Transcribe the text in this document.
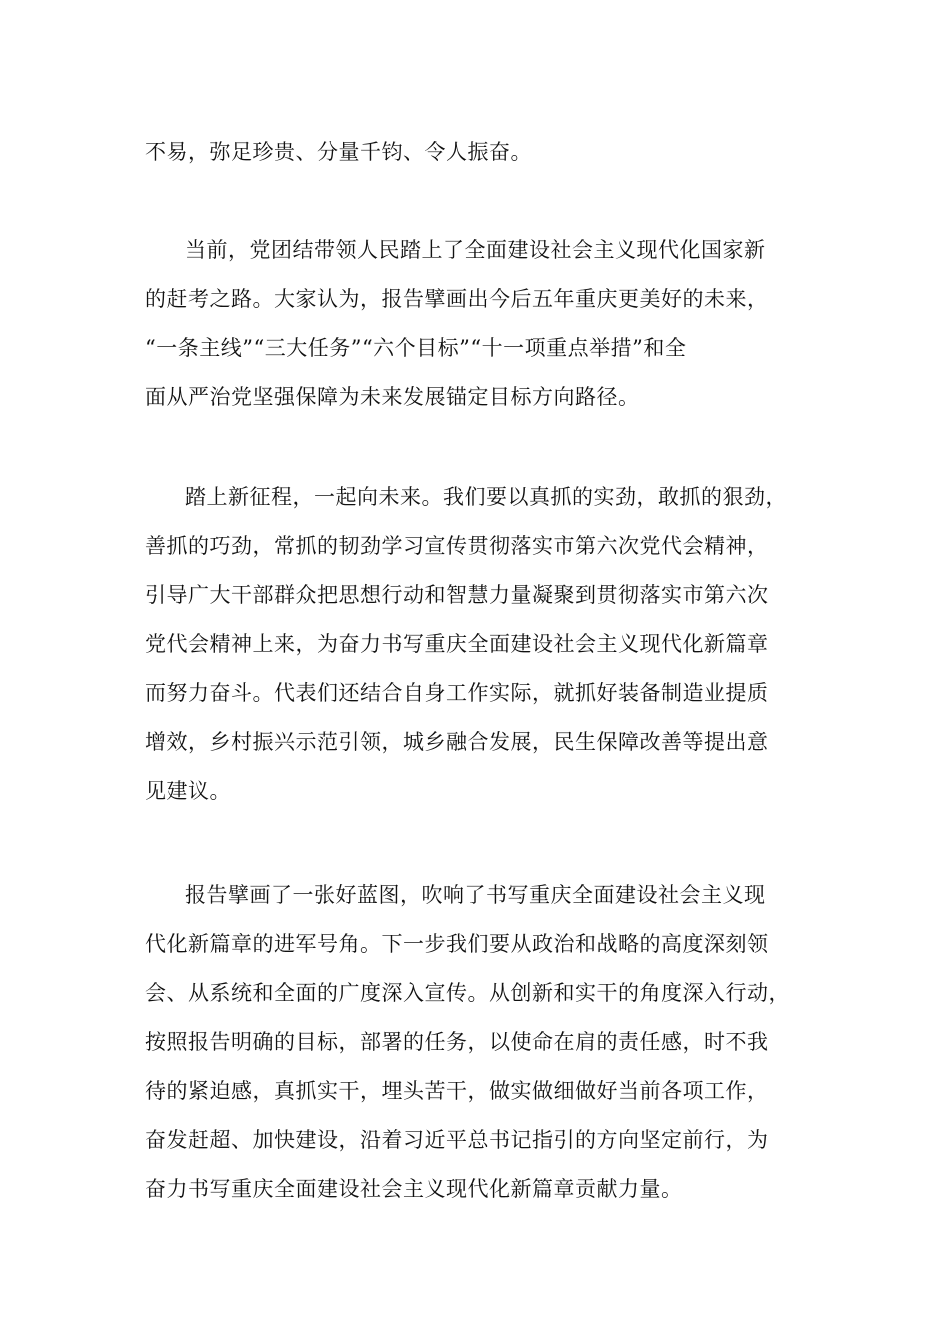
不易，弥足珍贵、分量千钧、令人振奋。
当前，党团结带领人民踏上了全面建设社会主义现代化国家新
的赶考之路。大家认为，报告擘画出今后五年重庆更美好的未来，
“一条主线”“三大任务”“六个目标”“十一项重点举措”和全
面从严治党坚强保障为未来发展锚定目标方向路径。
踏上新征程，一起向未来。我们要以真抓的实劲，敢抓的狠劲，
善抓的巧劲，常抓的韧劲学习宣传贯彻落实市第六次党代会精神，
引导广大干部群众把思想行动和智慧力量凝聚到贯彻落实市第六次
党代会精神上来，为奋力书写重庆全面建设社会主义现代化新篇章
而努力奋斗。代表们还结合自身工作实际，就抓好装备制造业提质
增效，乡村振兴示范引领，城乡融合发展，民生保障改善等提出意
见建议。
报告擘画了一张好蓝图，吹响了书写重庆全面建设社会主义现
代化新篇章的进军号角。下一步我们要从政治和战略的高度深刻领
会、从系统和全面的广度深入宣传。从创新和实干的角度深入行动，
按照报告明确的目标，部署的任务，以使命在肩的责任感，时不我
待的紧迫感，真抓实干，埋头苦干，做实做细做好当前各项工作，
奋发赶超、加快建设，沿着习近平总书记指引的方向坚定前行，为
奋力书写重庆全面建设社会主义现代化新篇章贡献力量。
